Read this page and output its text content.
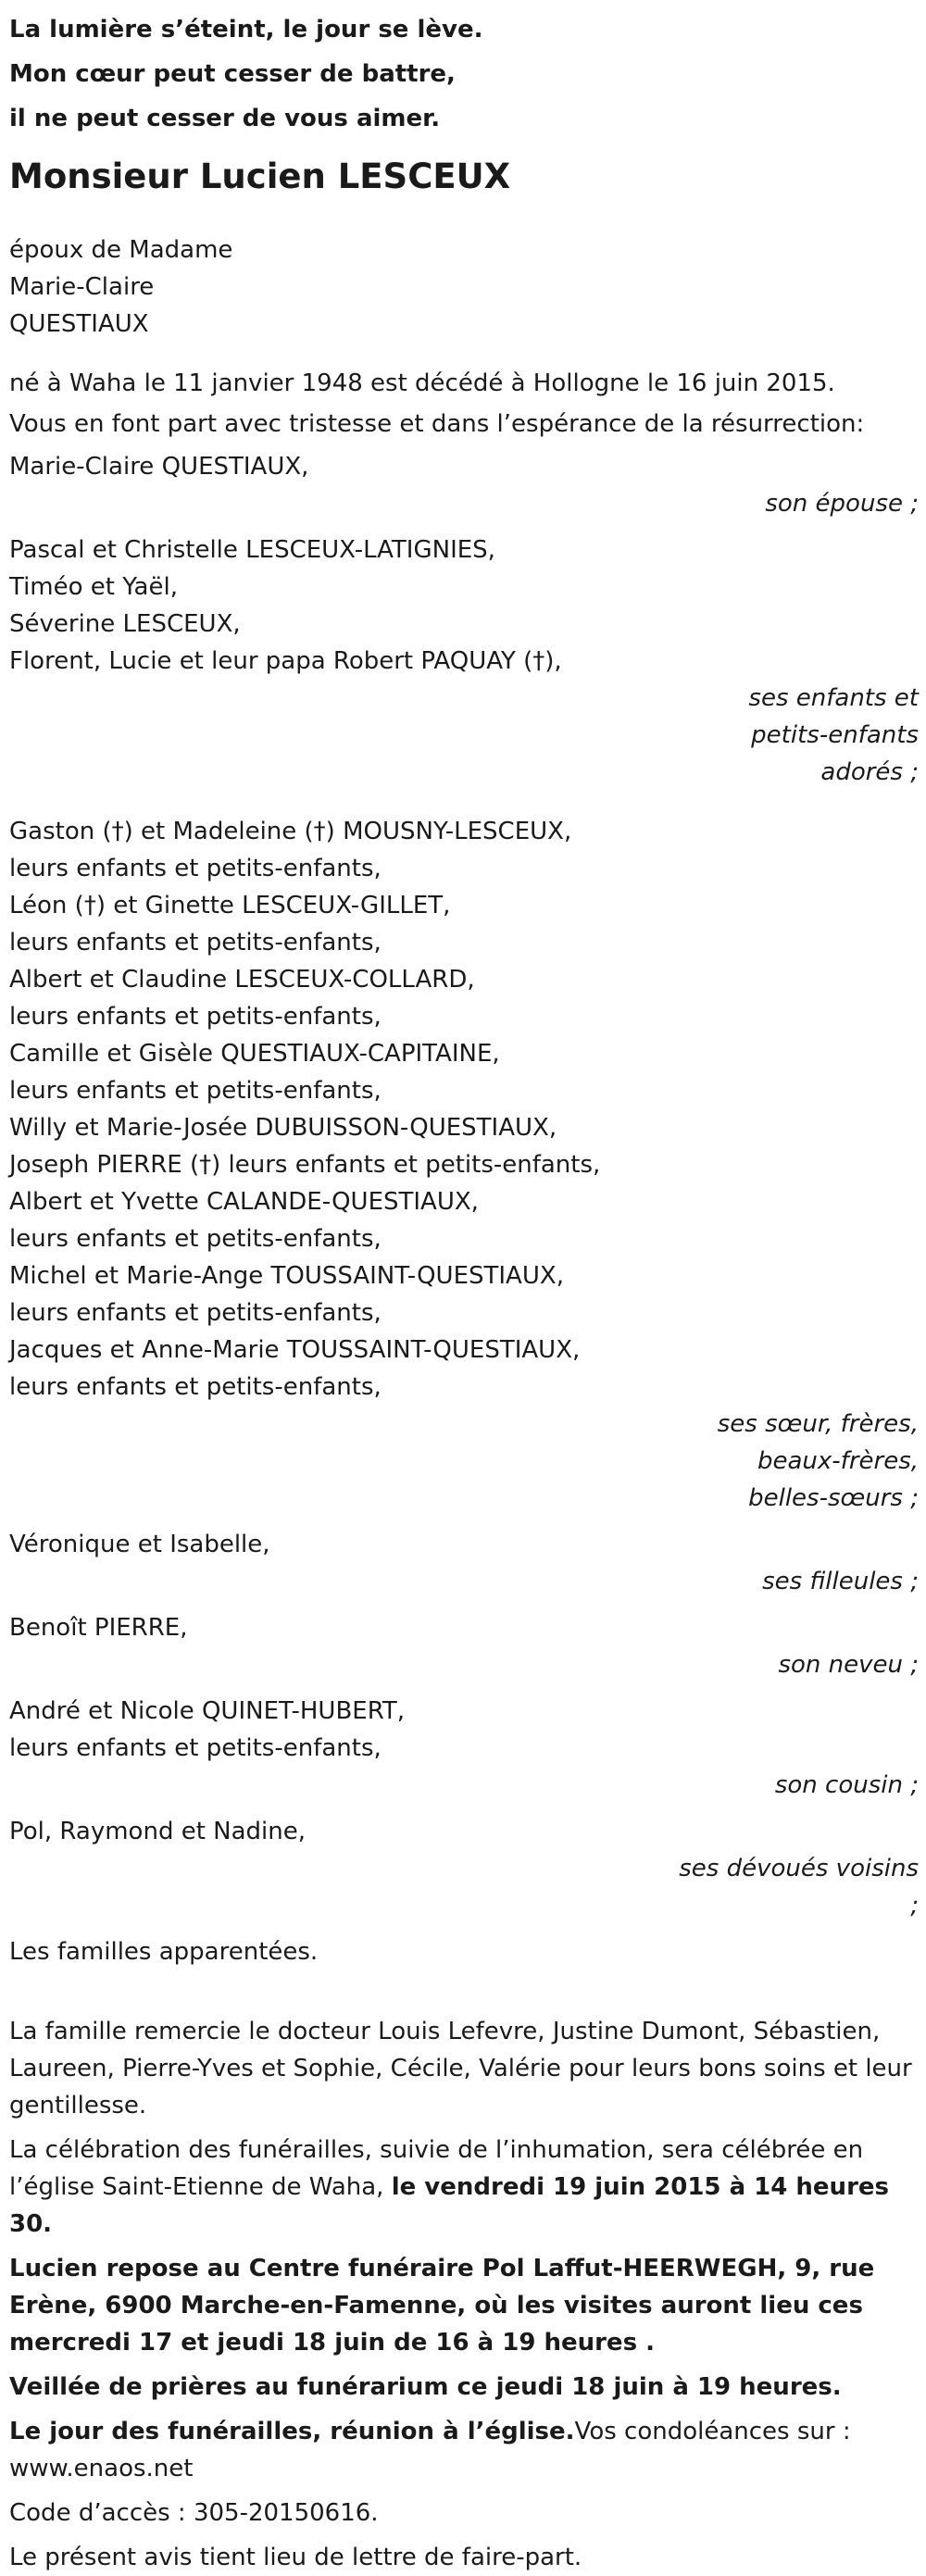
La lumière s’éteint, le jour se lève.
Mon cœur peut cesser de battre,
il ne peut cesser de vous aimer.
Monsieur Lucien LESCEUX
époux de Madame
Marie-Claire
QUESTIAUX
né à Waha le 11 janvier 1948 est décédé à Hollogne le 16 juin 2015.
Vous en font part avec tristesse et dans l’espérance de la résurrection:
Marie-Claire QUESTIAUX,
son épouse ;
Pascal et Christelle LESCEUX-LATIGNIES,
Timéo et Yaël,
Séverine LESCEUX,
Florent, Lucie et leur papa Robert PAQUAY (†),
ses enfants et
petits-enfants
adorés ;
Gaston (†) et Madeleine (†) MOUSNY-LESCEUX,
leurs enfants et petits-enfants,
Léon (†) et Ginette LESCEUX-GILLET,
leurs enfants et petits-enfants,
Albert et Claudine LESCEUX-COLLARD,
leurs enfants et petits-enfants,
Camille et Gisèle QUESTIAUX-CAPITAINE,
leurs enfants et petits-enfants,
Willy et Marie-Josée DUBUISSON-QUESTIAUX,
Joseph PIERRE (†) leurs enfants et petits-enfants,
Albert et Yvette CALANDE-QUESTIAUX,
leurs enfants et petits-enfants,
Michel et Marie-Ange TOUSSAINT-QUESTIAUX,
leurs enfants et petits-enfants,
Jacques et Anne-Marie TOUSSAINT-QUESTIAUX,
leurs enfants et petits-enfants,
ses sœur, frères,
beaux-frères,
belles-sœurs ;
Véronique et Isabelle,
ses filleules ;
Benoît PIERRE,
son neveu ;
André et Nicole QUINET-HUBERT,
leurs enfants et petits-enfants,
son cousin ;
Pol, Raymond et Nadine,
ses dévoués voisins
;
Les familles apparentées.
La famille remercie le docteur Louis Lefevre, Justine Dumont, Sébastien, Laureen, Pierre-Yves et Sophie, Cécile, Valérie pour leurs bons soins et leur gentillesse.
La célébration des funérailles, suivie de l’inhumation, sera célébrée en l’église Saint-Etienne de Waha, le vendredi 19 juin 2015 à 14 heures 30.
Lucien repose au Centre funéraire Pol Laffut-HEERWEGH, 9, rue Erène, 6900 Marche-en-Famenne, où les visites auront lieu ces mercredi 17 et jeudi 18 juin de 16 à 19 heures .
Veillée de prières au funérarium ce jeudi 18 juin à 19 heures.
Le jour des funérailles, réunion à l’église.Vos condoléances sur :
www.enaos.net
Code d’accès : 305-20150616.
Le présent avis tient lieu de lettre de faire-part.
